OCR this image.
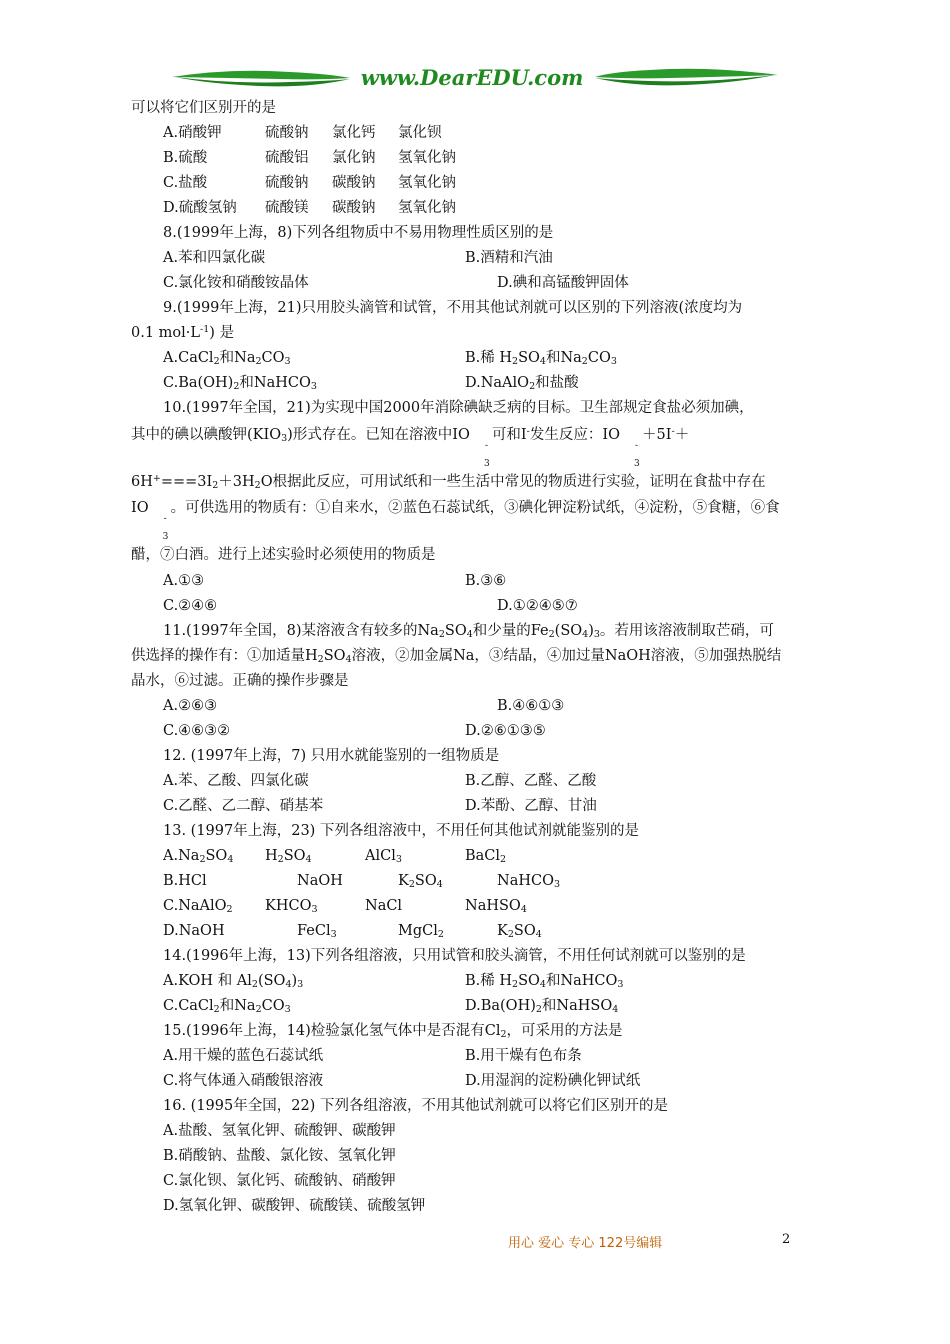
www.DearEDU.com
可以将它们区别开的是
A.硝酸钾	硫酸钠 氯化钙 氯化钡
B.硫酸	硫酸铝 氯化钠 氢氧化钠
C.盐酸	硫酸钠 碳酸钠 氢氧化钠
D.硫酸氢钠 硫酸镁 碳酸钠 氢氧化钠
8.(1999年上海，8)下列各组物质中不易用物理性质区别的是
A.苯和四氯化碳	B.酒精和汽油
C.氯化铵和硝酸铵晶体	D.碘和高锰酸钾固体
9.(1999年上海，21)只用胶头滴管和试管，不用其他试剂就可以区别的下列溶液(浓度均为
0.1 $mol\cdot L^{-1}$) 是
A.CaCl$_2$和$Na_2CO_3$	B.稀 $H_2SO_4$和$Na_2CO_3$
$C.Ba(OH)_2$和NaHCO$_3$	D.NaAlO$_2$和盐酸
10.(1997年全国，21)为实现中国2000年消除碘缺乏病的目标。卫生部规定食盐必须加碘，
其中的碘以碘酸钾$(KIO_3)$形式存在。已知在溶液中IO
-
3
可和I-发生反应：IO
-
3
＋5I-＋
$6H^+===3I_2+3H_2O$根据此反应，可用试纸和一些生活中常见的物质进行实验，证明在食盐中存在
IO
-
3
。可供选用的物质有：①自来水，②蓝色石蕊试纸，③碘化钾淀粉试纸，④淀粉，⑤食糖，⑥食
醋，⑦白酒。进行上述实验时必须使用的物质是
A.①③	B.③⑥
C.②④⑥	D.①②④⑤⑦
11.(1997年全国，8)某溶液含有较多的$Na_2SO_4$和少量的$Fe_2(SO_4)_3$。若用该溶液制取芒硝，可
供选择的操作有：①加适量$H_2SO_4$溶液，②加金属Na，③结晶，④加过量NaOH溶液，⑤加强热脱结
晶水，⑥过滤。正确的操作步骤是
A.②⑥③	B.④⑥①③
C.④⑥③②	D.②⑥①③⑤
12. (1997年上海，7) 只用水就能鉴别的一组物质是
A.苯、乙酸、四氯化碳	B.乙醇、乙醛、乙酸
C.乙醛、乙二醇、硝基苯	D.苯酚、乙醇、甘油
13. (1997年上海，23) 下列各组溶液中，不用任何其他试剂就能鉴别的是
$A.Na_2SO_4$ $H_2SO_4$	AlCl$_3$	BaCl$_2$
B.HCl	NaOH	$K_2SO_4$	NaHCO$_3$
C.NaAlO$_2$ $KHCO_3$	NaCl	NaHSO$_4$
D.NaOH	FeCl$_3$	MgCl$_2$	$K_2SO_4$
14.(1996年上海，13)下列各组溶液，只用试管和胶头滴管，不用任何试剂就可以鉴别的是
A.KOH 和 $Al_2(SO_4)_3$	B.稀 $H_2SO_4$和NaHCO$_3$
C.CaCl$_2$和$Na_2CO_3$	$D.Ba(OH)_2$和NaHSO$_4$
15.(1996年上海，14)检验氯化氢气体中是否混有$Cl_2$，可采用的方法是
A.用干燥的蓝色石蕊试纸	B.用干燥有色布条
C.将气体通入硝酸银溶液	D.用湿润的淀粉碘化钾试纸
16. (1995年全国，22) 下列各组溶液，不用其他试剂就可以将它们区别开的是
A.盐酸、氢氧化钾、硫酸钾、碳酸钾
B.硝酸钠、盐酸、氯化铵、氢氧化钾
C.氯化钡、氯化钙、硫酸钠、硝酸钾
D.氢氧化钾、碳酸钾、硫酸镁、硫酸氢钾
用心 爱心 专心 122号编辑	2
